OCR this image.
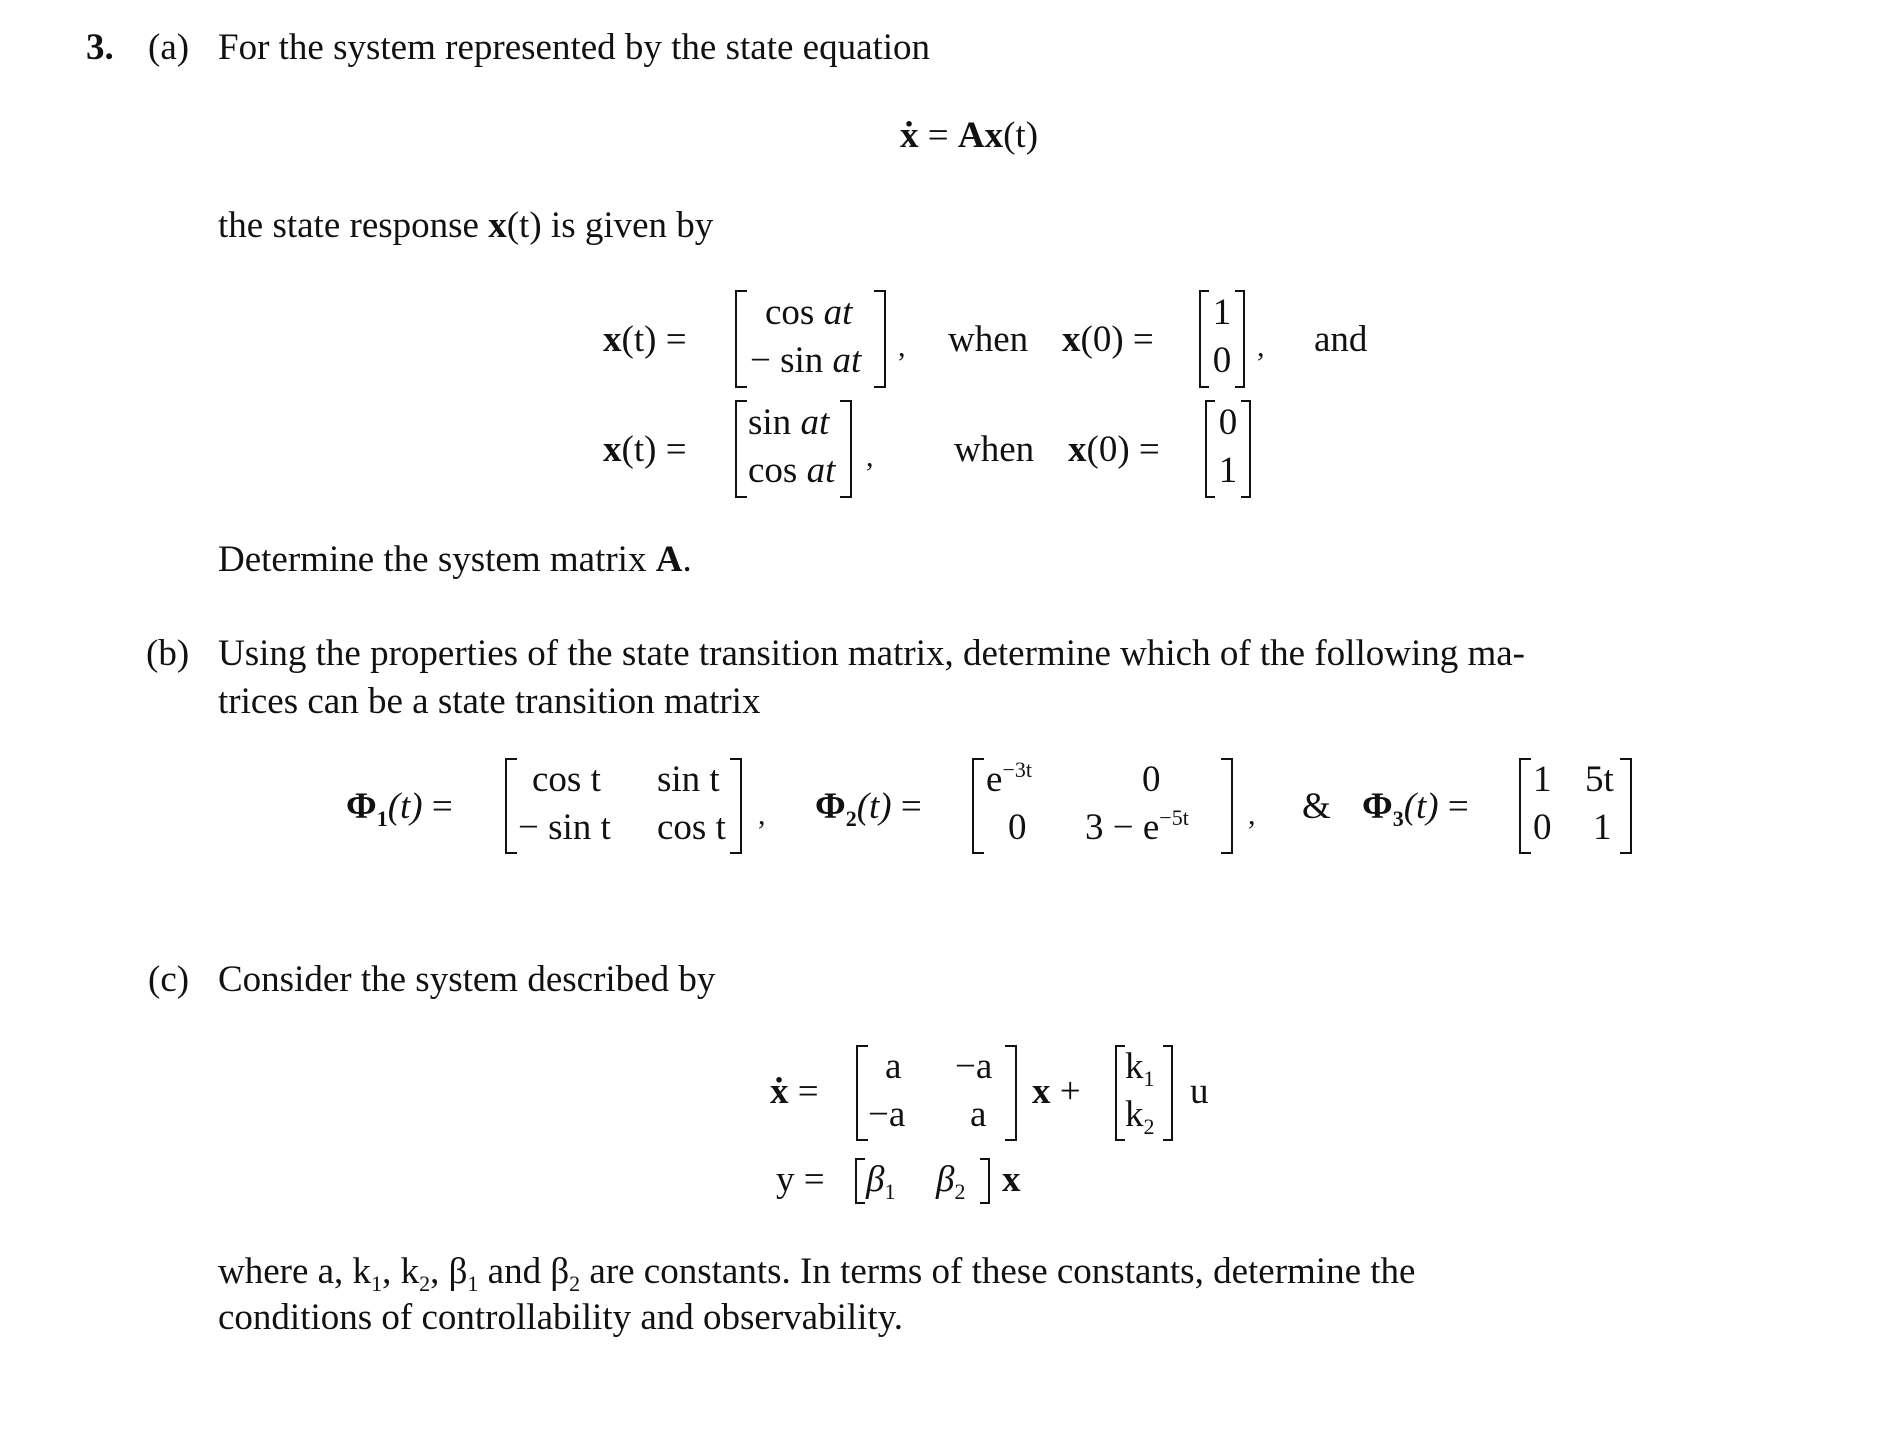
3. (a) For the system represented by the state equation
ẋ = Ax(t)
the state response x(t) is given by
x(t) =
cos at
− sin at , when x(0) =
1
0 , and
x(t) =
sin at
cos at , when x(0) =
0
1
Determine the system matrix A.
(b) Using the properties of the state transition matrix, determine which of the following ma-
trices can be a state transition matrix
$\Phi_1(t)$ =
cos t sin t
− sin t cos t , $\Phi_2(t)$ =
$e^{-3t}$	0
0 $3 - e^{-5t}$ , & $\Phi_3(t)$ =
1 5t
0 1
(c) Consider the system described by
ẋ =
a −a
−a a
x +
$k_1$
$k_2$
u
$y = \beta_1$ $\beta_2$ x
where a, $k_1$, $k_2$, $\beta_1$ and $\beta_2$ are constants. In terms of these constants, determine the
conditions of controllability and observability.
